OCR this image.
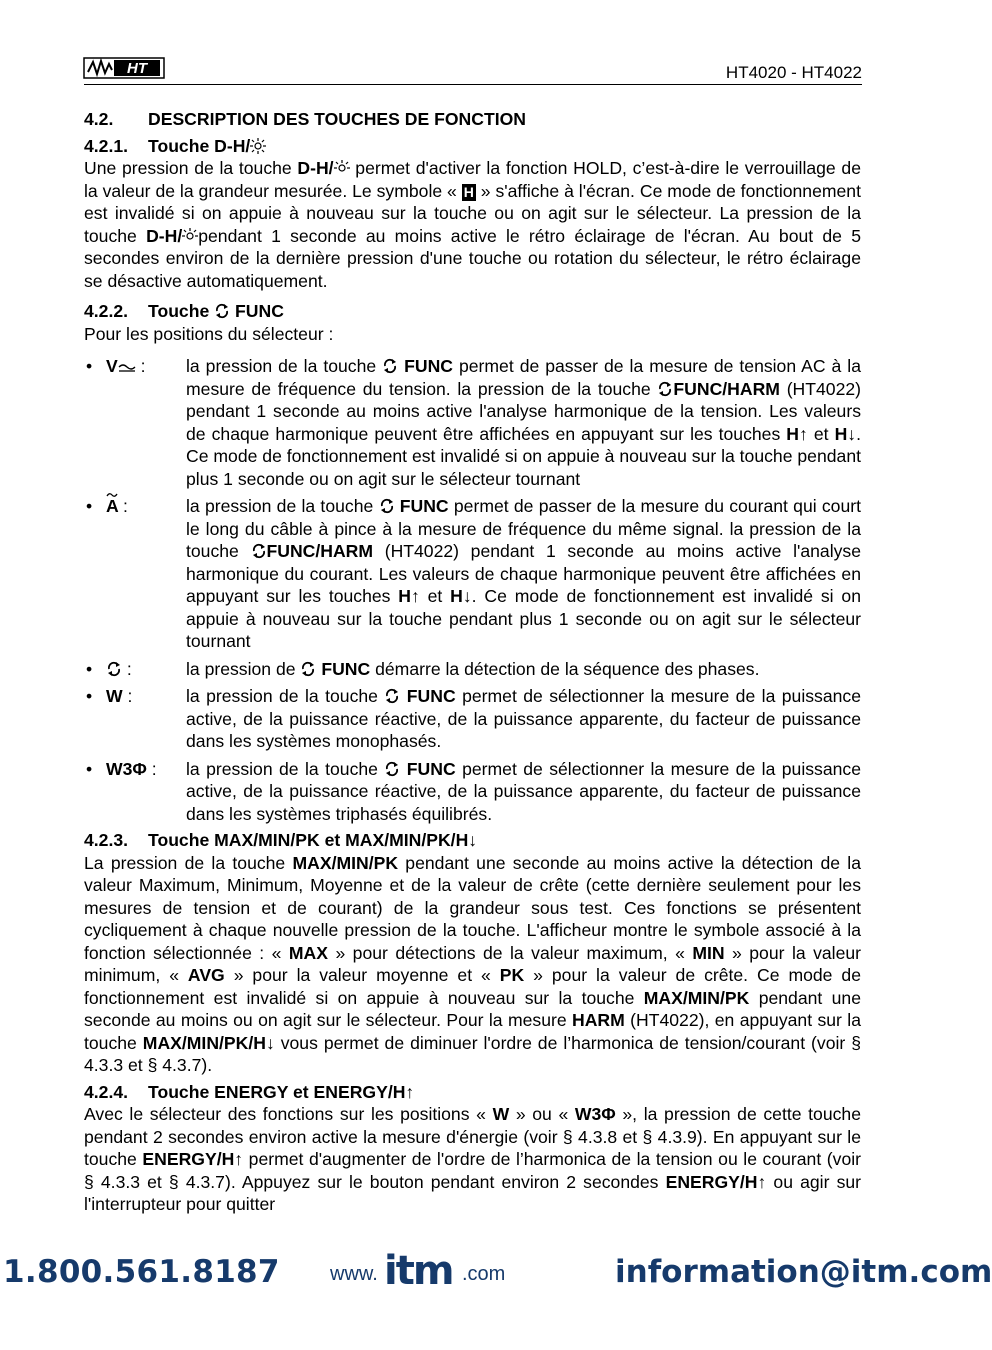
HT	HT4020 - HT4022
4.2. DESCRIPTION DES TOUCHES DE FONCTION
4.2.1. Touche D-H/

Une pression de la touche D-H/ permet d'activer la fonction HOLD, c’est-à-dire le verrouillage de la valeur de la grandeur mesurée. Le symbole « H » s'affiche à l'écran. Ce mode de fonctionnement est invalidé si on appuie à nouveau sur la touche ou on agit sur le sélecteur. La pression de la touche D-H/ pendant 1 seconde au moins active le rétro éclairage de l'écran. Au bout de 5 secondes environ de la dernière pression d'une touche ou rotation du sélecteur, le rétro éclairage se désactive automatiquement.

4.2.2. Touche  FUNC

Pour les positions du sélecteur :

• V : la pression de la touche  FUNC permet de passer de la mesure de tension AC à la mesure de fréquence du tension. la pression de la touche FUNC/HARM (HT4022) pendant 1 seconde au moins active l'analyse harmonique de la tension. Les valeurs de chaque harmonique peuvent être affichées en appuyant sur les touches H↑ et H↓. Ce mode de fonctionnement est invalidé si on appuie à nouveau sur la touche pendant plus 1 seconde ou on agit sur le sélecteur tournant
• A :	la pression de la touche  FUNC permet de passer de la mesure du courant qui court le long du câble à pince à la mesure de fréquence du même signal. la pression de la touche FUNC/HARM (HT4022) pendant 1 seconde au moins active l'analyse harmonique du courant. Les valeurs de chaque harmonique peuvent être affichées en appuyant sur les touches H↑ et H↓. Ce mode de fonctionnement est invalidé si on appuie à nouveau sur la touche pendant plus 1 seconde ou on agit sur le sélecteur tournant
•	:	la pression de  FUNC démarre la détection de la séquence des phases.
• W :	la pression de la touche  FUNC permet de sélectionner la mesure de la puissance active, de la puissance réactive, de la puissance apparente, du facteur de puissance dans les systèmes monophasés.
• W3Φ : la pression de la touche  FUNC permet de sélectionner la mesure de la puissance active, de la puissance réactive, de la puissance apparente, du facteur de puissance dans les systèmes triphasés équilibrés.
4.2.3. Touche MAX/MIN/PK et MAX/MIN/PK/H↓

La pression de la touche MAX/MIN/PK pendant une seconde au moins active la détection de la valeur Maximum, Minimum, Moyenne et de la valeur de crête (cette dernière seulement pour les mesures de tension et de courant) de la grandeur sous test. Ces fonctions se présentent cycliquement à chaque nouvelle pression de la touche. L'afficheur montre le symbole associé à la fonction sélectionnée : « MAX » pour détections de la valeur maximum, « MIN » pour la valeur minimum, « AVG » pour la valeur moyenne et « PK » pour la valeur de crête. Ce mode de fonctionnement est invalidé si on appuie à nouveau sur la touche MAX/MIN/PK pendant une seconde au moins ou on agit sur le sélecteur. Pour la mesure HARM (HT4022), en appuyant sur la touche MAX/MIN/PK/H↓ vous permet de diminuer l'ordre de l’harmonica de tension/courant (voir § 4.3.3 et § 4.3.7).

4.2.4. Touche ENERGY et ENERGY/H↑

Avec le sélecteur des fonctions sur les positions « W » ou « W3Φ », la pression de cette touche pendant 2 secondes environ active la mesure d'énergie (voir § 4.3.8 et § 4.3.9). En appuyant sur le touche ENERGY/H↑ permet d'augmenter de l'ordre de l’harmonica de la tension ou le courant (voir § 4.3.3 et § 4.3.7). Appuyez sur le bouton pendant environ 2 secondes ENERGY/H↑ ou agir sur l'interrupteur pour quitter

1.800.561.8187	www. itm .com	information@itm.com
